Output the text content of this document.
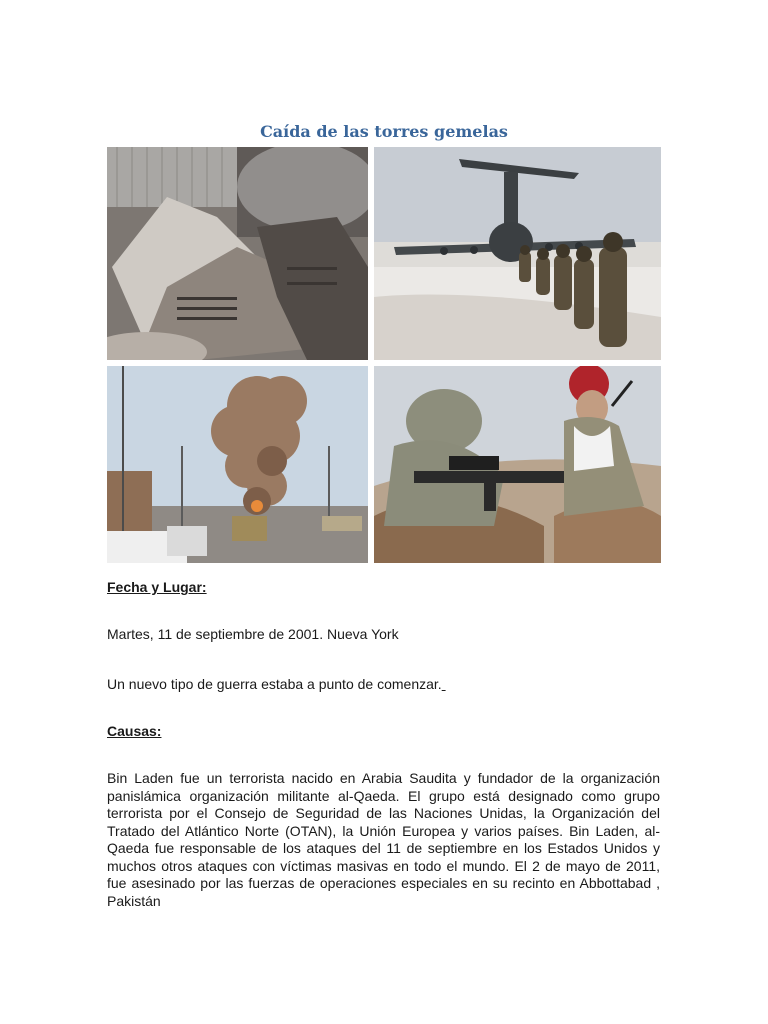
Caída de las torres gemelas
Fecha y Lugar:
Martes, 11 de septiembre de 2001. Nueva York
Un nuevo tipo de guerra estaba a punto de comenzar.
Causas:
Bin Laden fue un terrorista nacido en Arabia Saudita y fundador de la organización panislámica organización militante al-Qaeda. El grupo está designado como grupo terrorista por el Consejo de Seguridad de las Naciones Unidas, la Organización del Tratado del Atlántico Norte (OTAN), la Unión Europea y varios países. Bin Laden, al-Qaeda fue responsable de los ataques del 11 de septiembre en los Estados Unidos y muchos otros ataques con víctimas masivas en todo el mundo. El 2 de mayo de 2011, fue asesinado por las fuerzas de operaciones especiales en su recinto en Abbottabad , Pakistán
